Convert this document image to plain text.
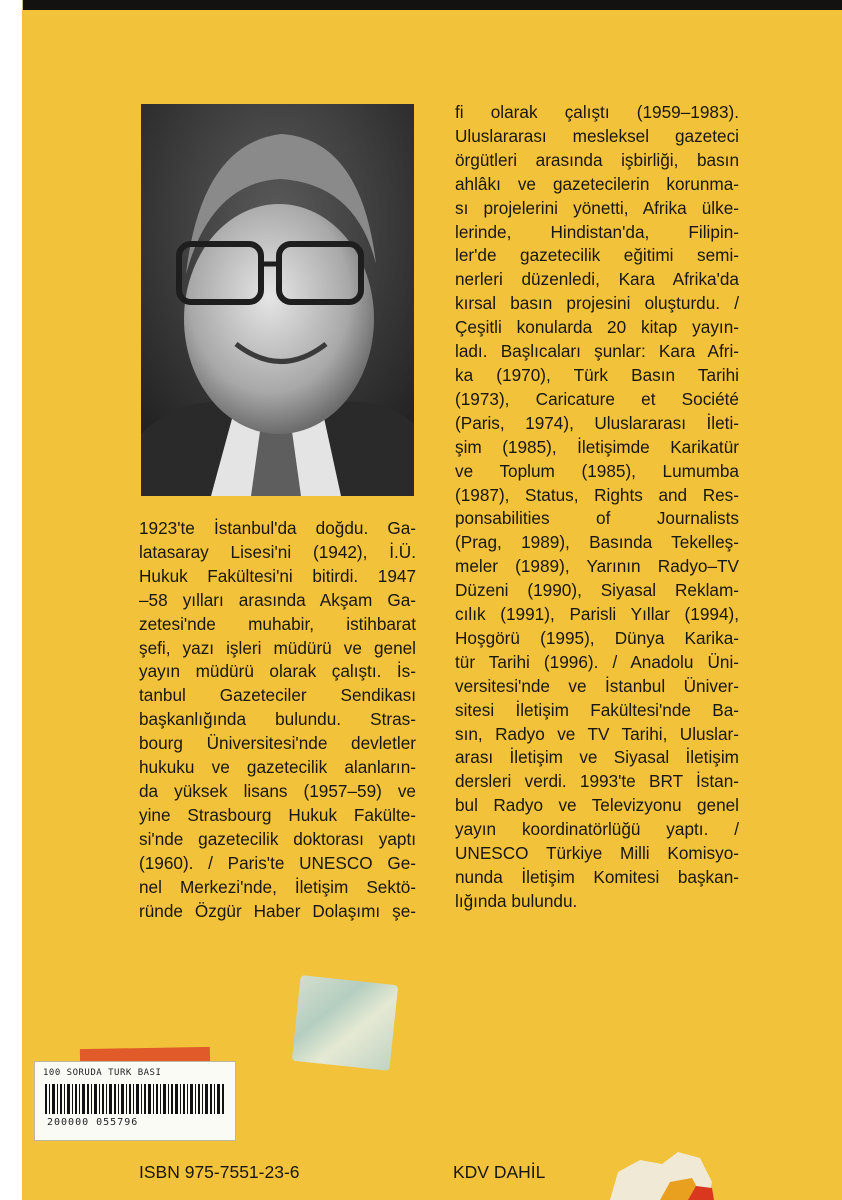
1923'te İstanbul'da doğdu. Ga-
latasaray Lisesi'ni (1942), İ.Ü.
Hukuk Fakültesi'ni bitirdi. 1947
–58 yılları arasında Akşam Ga-
zetesi'nde muhabir, istihbarat
şefi, yazı işleri müdürü ve genel
yayın müdürü olarak çalıştı. İs-
tanbul Gazeteciler Sendikası
başkanlığında bulundu. Stras-
bourg Üniversitesi'nde devletler
hukuku ve gazetecilik alanların-
da yüksek lisans (1957–59) ve
yine Strasbourg Hukuk Fakülte-
si'nde gazetecilik doktorası yaptı
(1960). / Paris'te UNESCO Ge-
nel Merkezi'nde, İletişim Sektö-
ründe Özgür Haber Dolaşımı şe-
fi olarak çalıştı (1959–1983).
Uluslararası mesleksel gazeteci
örgütleri arasında işbirliği, basın
ahlâkı ve gazetecilerin korunma-
sı projelerini yönetti, Afrika ülke-
lerinde, Hindistan'da, Filipin-
ler'de gazetecilik eğitimi semi-
nerleri düzenledi, Kara Afrika'da
kırsal basın projesini oluşturdu. /
Çeşitli konularda 20 kitap yayın-
ladı. Başlıcaları şunlar: Kara Afri-
ka (1970), Türk Basın Tarihi
(1973), Caricature et Société
(Paris, 1974), Uluslararası İleti-
şim (1985), İletişimde Karikatür
ve Toplum (1985), Lumumba
(1987), Status, Rights and Res-
ponsabilities of Journalists
(Prag, 1989), Basında Tekelleş-
meler (1989), Yarının Radyo–TV
Düzeni (1990), Siyasal Reklam-
cılık (1991), Parisli Yıllar (1994),
Hoşgörü (1995), Dünya Karika-
tür Tarihi (1996). / Anadolu Üni-
versitesi'nde ve İstanbul Üniver-
sitesi İletişim Fakültesi'nde Ba-
sın, Radyo ve TV Tarihi, Uluslar-
arası İletişim ve Siyasal İletişim
dersleri verdi. 1993'te BRT İstan-
bul Radyo ve Televizyonu genel
yayın koordinatörlüğü yaptı. /
UNESCO Türkiye Milli Komisyo-
nunda İletişim Komitesi başkan-
lığında bulundu.
100 SORUDA TURK BASI
200000 055796
ISBN 975-7551-23-6	KDV DAHİL
